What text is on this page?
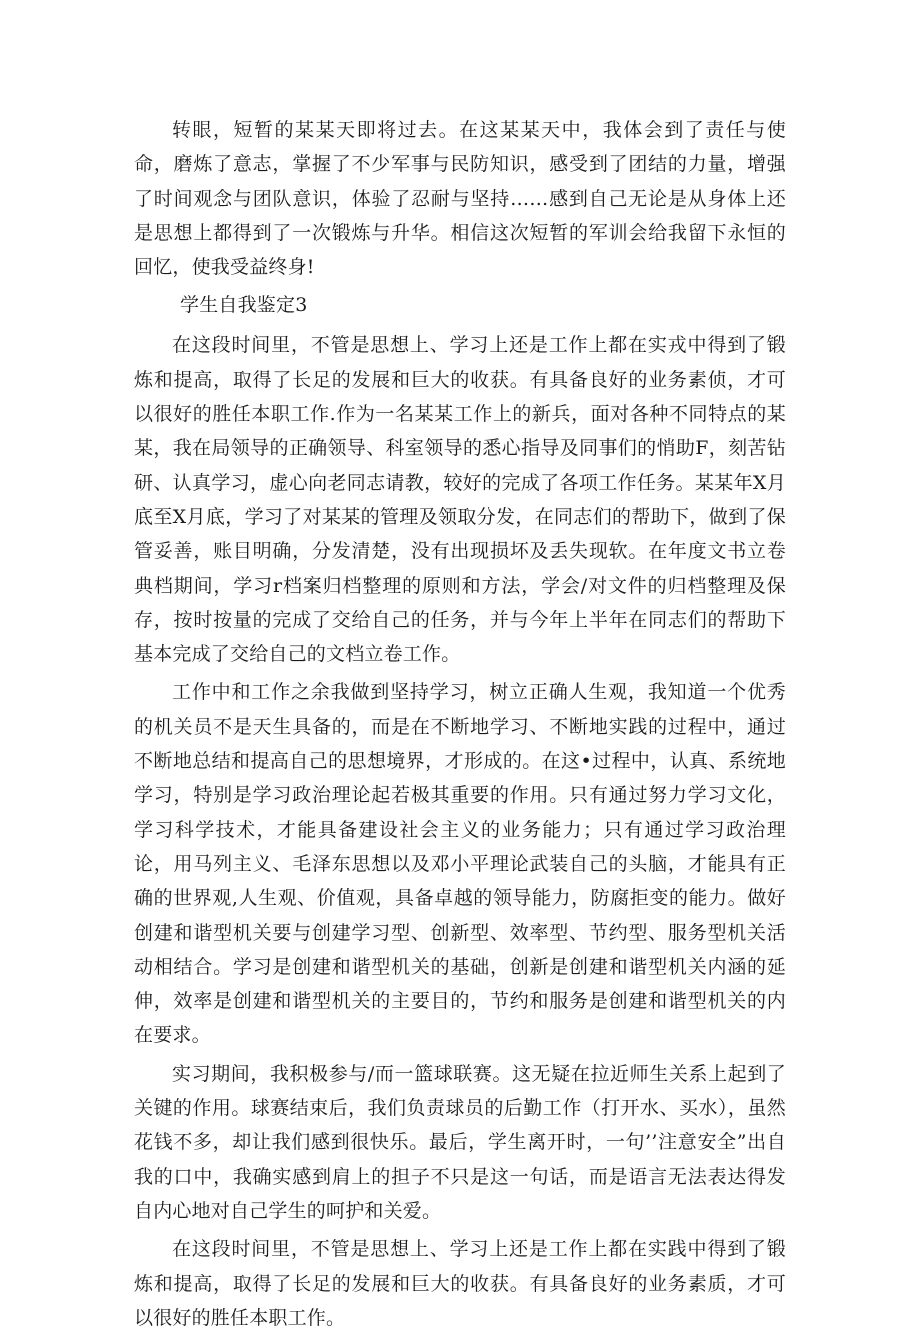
转眼，短暂的某某天即将过去。在这某某天中，我体会到了责任与使命，磨炼了意志，掌握了不少军事与民防知识，感受到了团结的力量，增强了时间观念与团队意识，体验了忍耐与坚持……感到自己无论是从身体上还是思想上都得到了一次锻炼与升华。相信这次短暂的军训会给我留下永恒的回忆，使我受益终身!

学生自我鉴定3

在这段时间里，不管是思想上、学习上还是工作上都在实戎中得到了锻炼和提高，取得了长足的发展和巨大的收获。有具备良好的业务素侦，才可以很好的胜任本职工作.作为一名某某工作上的新兵，面对各种不同特点的某某，我在局领导的正确领导、科室领导的悉心指导及同事们的悄助F，刻苦钻研、认真学习，虚心向老同志请教，较好的完成了各项工作任务。某某年X月底至X月底，学习了对某某的管理及领取分发，在同志们的帮助下，做到了保管妥善，账目明确，分发清楚，没有出现损坏及丢失现软。在年度文书立卷典档期间，学习r档案归档整理的原则和方法，学会/对文件的归档整理及保存，按时按量的完成了交给自己的任务，并与今年上半年在同志们的帮助下基本完成了交给自己的文档立卷工作。

工作中和工作之余我做到坚持学习，树立正确人生观，我知道一个优秀的机关员不是天生具备的，而是在不断地学习、不断地实践的过程中，通过不断地总结和提高自己的思想境界，才形成的。在这•过程中，认真、系统地学习，特别是学习政治理论起若极其重要的作用。只有通过努力学习文化，学习科学技术，才能具备建设社会主义的业务能力；只有通过学习政治理论，用马列主义、毛泽东思想以及邓小平理论武装自己的头脑，才能具有正确的世界观,人生观、价值观，具备卓越的领导能力，防腐拒变的能力。做好创建和谐型机关要与创建学习型、创新型、效率型、节约型、服务型机关活动相结合。学习是创建和谐型机关的基础，创新是创建和谐型机关内涵的延伸，效率是创建和谐型机关的主要目的，节约和服务是创建和谐型机关的内在要求。

实习期间，我积极参与/而一篮球联赛。这无疑在拉近师生关系上起到了关键的作用。球赛结束后，我们负责球员的后勤工作（打开水、买水），虽然花钱不多，却让我们感到很快乐。最后，学生离开时，一句’’注意安全”出自我的口中，我确实感到肩上的担子不只是这一句话，而是语言无法表达得发自内心地对自己学生的呵护和关爱。

在这段时间里，不管是思想上、学习上还是工作上都在实践中得到了锻炼和提高，取得了长足的发展和巨大的收获。有具备良好的业务素质，才可以很好的胜任本职工作。
